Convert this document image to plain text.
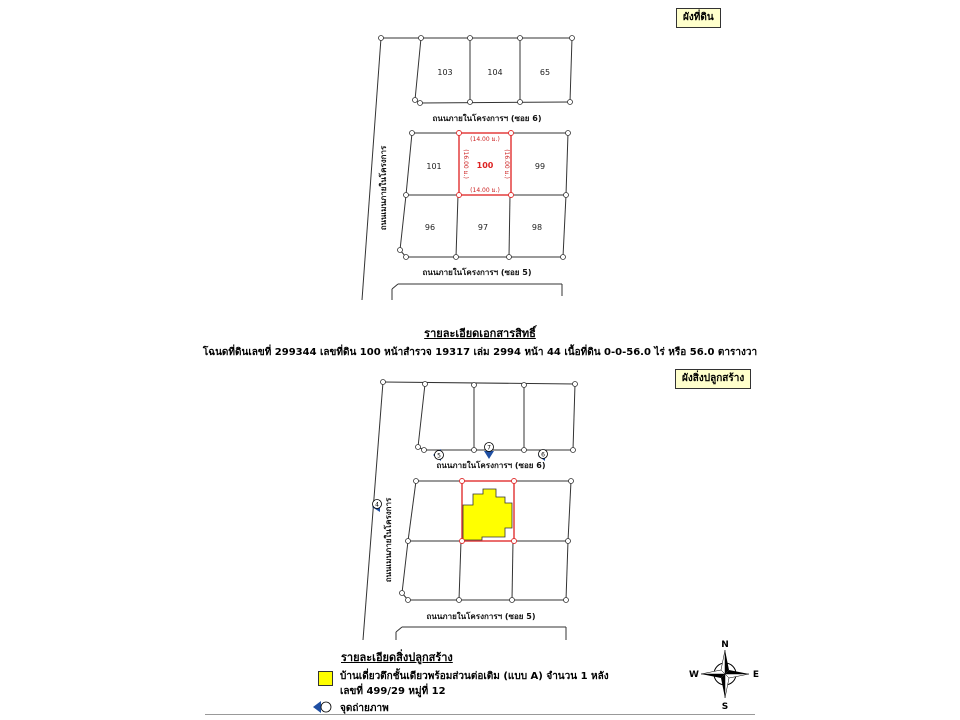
ผังที่ดิน
ผังสิ่งปลูกสร้าง
103	104	65
101	100	99
96	97	98
(14.00 ม.)
(14.00 ม.)
(16.00 ม.)	(16.00 ม.)
ถนนภายในโครงการฯ (ซอย 6)
ถนนภายในโครงการฯ (ซอย 5)
ถนนเมนภายในโครงการ
รายละเอียดเอกสารสิทธิ์
โฉนดที่ดินเลขที่ 299344 เลขที่ดิน 100 หน้าสำรวจ 19317 เล่ม 2994 หน้า 44 เนื้อที่ดิน 0-0-56.0 ไร่ หรือ 56.0 ตารางวา
5
7
6
4
ถนนภายในโครงการฯ (ซอย 6)
ถนนภายในโครงการฯ (ซอย 5)
ถนนเมนภายในโครงการ
รายละเอียดสิ่งปลูกสร้าง
บ้านเดี่ยวตึกชั้นเดียวพร้อมส่วนต่อเติม (แบบ A) จำนวน 1 หลัง
เลขที่ 499/29 หมู่ที่ 12
จุดถ่ายภาพ
N
S
W	E
